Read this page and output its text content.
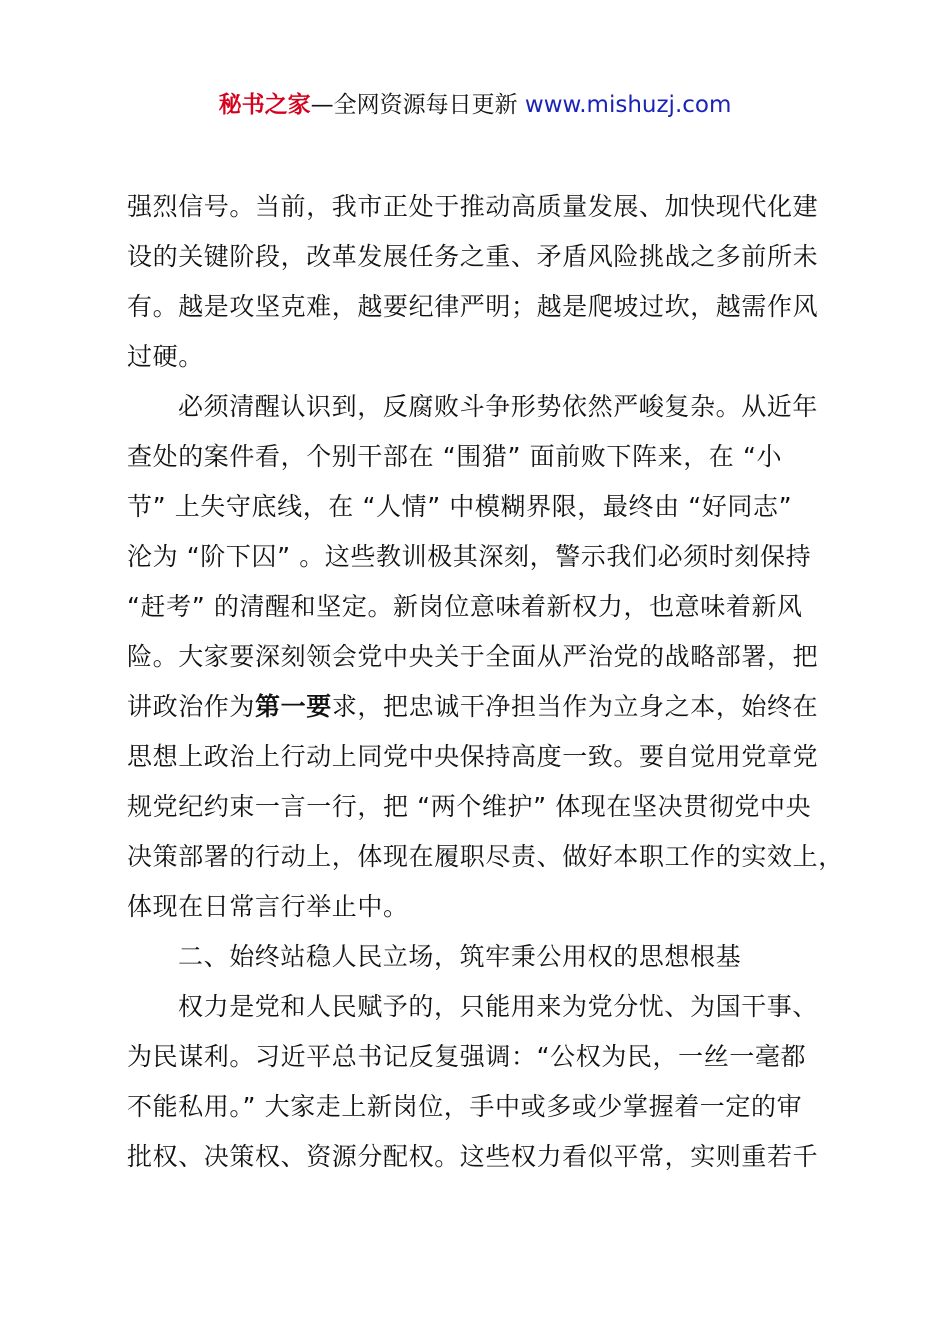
秘书之家—全网资源每日更新 www.mishuzj.com
强烈信号。当前，我市正处于推动高质量发展、加快现代化建
设的关键阶段，改革发展任务之重、矛盾风险挑战之多前所未
有。越是攻坚克难，越要纪律严明；越是爬坡过坎，越需作风
过硬。
必须清醒认识到，反腐败斗争形势依然严峻复杂。从近年
查处的案件看，个别干部在 “围猎” 面前败下阵来，在 “小
节” 上失守底线，在 “人情” 中模糊界限，最终由 “好同志”
沦为 “阶下囚” 。这些教训极其深刻，警示我们必须时刻保持
“赶考” 的清醒和坚定。新岗位意味着新权力，也意味着新风
险。大家要深刻领会党中央关于全面从严治党的战略部署，把
讲政治作为第一要求，把忠诚干净担当作为立身之本，始终在
思想上政治上行动上同党中央保持高度一致。要自觉用党章党
规党纪约束一言一行，把 “两个维护” 体现在坚决贯彻党中央
决策部署的行动上，体现在履职尽责、做好本职工作的实效上，
体现在日常言行举止中。
二、始终站稳人民立场，筑牢秉公用权的思想根基
权力是党和人民赋予的，只能用来为党分忧、为国干事、
为民谋利。习近平总书记反复强调：“公权为民，一丝一毫都
不能私用。” 大家走上新岗位，手中或多或少掌握着一定的审
批权、决策权、资源分配权。这些权力看似平常，实则重若千
